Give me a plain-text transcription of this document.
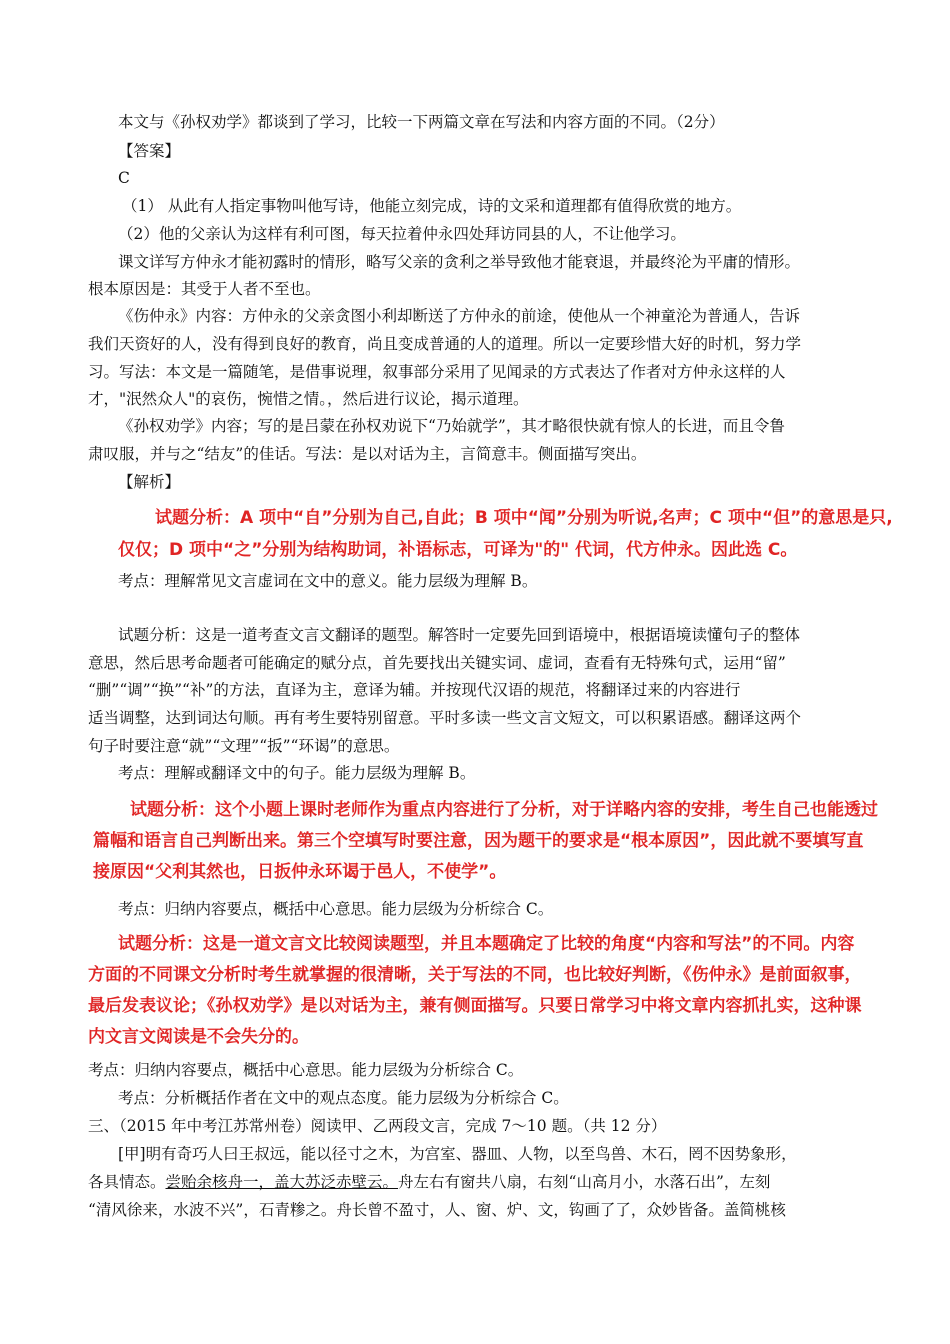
本文与《孙权劝学》都谈到了学习，比较一下两篇文章在写法和内容方面的不同。（2分）
【答案】
C
（1） 从此有人指定事物叫他写诗，他能立刻完成，诗的文采和道理都有值得欣赏的地方。
（2）他的父亲认为这样有利可图，每天拉着仲永四处拜访同县的人，不让他学习。
课文详写方仲永才能初露时的情形，略写父亲的贪利之举导致他才能衰退，并最终沦为平庸的情形。
根本原因是：其受于人者不至也。
《伤仲永》内容：方仲永的父亲贪图小利却断送了方仲永的前途，使他从一个神童沦为普通人，告诉
我们天资好的人，没有得到良好的教育，尚且变成普通的人的道理。所以一定要珍惜大好的时机，努力学
习。写法：本文是一篇随笔，是借事说理，叙事部分采用了见闻录的方式表达了作者对方仲永这样的人
才，"泯然众人"的哀伤，惋惜之情。，然后进行议论，揭示道理。
《孙权劝学》内容；写的是吕蒙在孙权劝说下“乃始就学”，其才略很快就有惊人的长进，而且令鲁
肃叹服，并与之“结友”的佳话。写法：是以对话为主，言简意丰。侧面描写突出。
【解析】
试题分析：A 项中“自”分别为自己,自此；B 项中“闻”分别为听说,名声；C 项中“但”的意思是只,
仅仅；D 项中“之”分别为结构助词，补语标志，可译为"的" 代词，代方仲永。因此选 C。
考点：理解常见文言虚词在文中的意义。能力层级为理解 B。
试题分析：这是一道考查文言文翻译的题型。解答时一定要先回到语境中，根据语境读懂句子的整体
意思，然后思考命题者可能确定的赋分点，首先要找出关键实词、虚词，查看有无特殊句式，运用“留”
“删”“调”“换”“补”的方法，直译为主，意译为辅。并按现代汉语的规范，将翻译过来的内容进行
适当调整，达到词达句顺。再有考生要特别留意。平时多读一些文言文短文，可以积累语感。翻译这两个
句子时要注意“就”“文理”“扳”“环谒”的意思。
考点：理解或翻译文中的句子。能力层级为理解 B。
试题分析：这个小题上课时老师作为重点内容进行了分析，对于详略内容的安排，考生自己也能透过
篇幅和语言自己判断出来。第三个空填写时要注意，因为题干的要求是“根本原因”，因此就不要填写直
接原因“父利其然也，日扳仲永环谒于邑人，不使学”。
考点：归纳内容要点，概括中心意思。能力层级为分析综合 C。
试题分析：这是一道文言文比较阅读题型，并且本题确定了比较的角度“内容和写法”的不同。内容
方面的不同课文分析时考生就掌握的很清晰，关于写法的不同，也比较好判断，《伤仲永》是前面叙事，
最后发表议论；《孙权劝学》是以对话为主，兼有侧面描写。只要日常学习中将文章内容抓扎实，这种课
内文言文阅读是不会失分的。
考点：归纳内容要点，概括中心意思。能力层级为分析综合 C。
考点：分析概括作者在文中的观点态度。能力层级为分析综合 C。
三、（2015 年中考江苏常州卷）阅读甲、乙两段文言，完成 7～10 题。（共 12 分）
[甲]明有奇巧人曰王叔远，能以径寸之木，为宫室、器皿、人物，以至鸟兽、木石，罔不因势象形，
各具情态。尝贻余核舟一，盖大苏泛赤壁云。舟左右有窗共八扇，右刻“山高月小，水落石出”，左刻
“清风徐来，水波不兴”，石青糁之。舟长曾不盈寸，人、窗、炉、文，钩画了了，众妙皆备。盖简桃核
